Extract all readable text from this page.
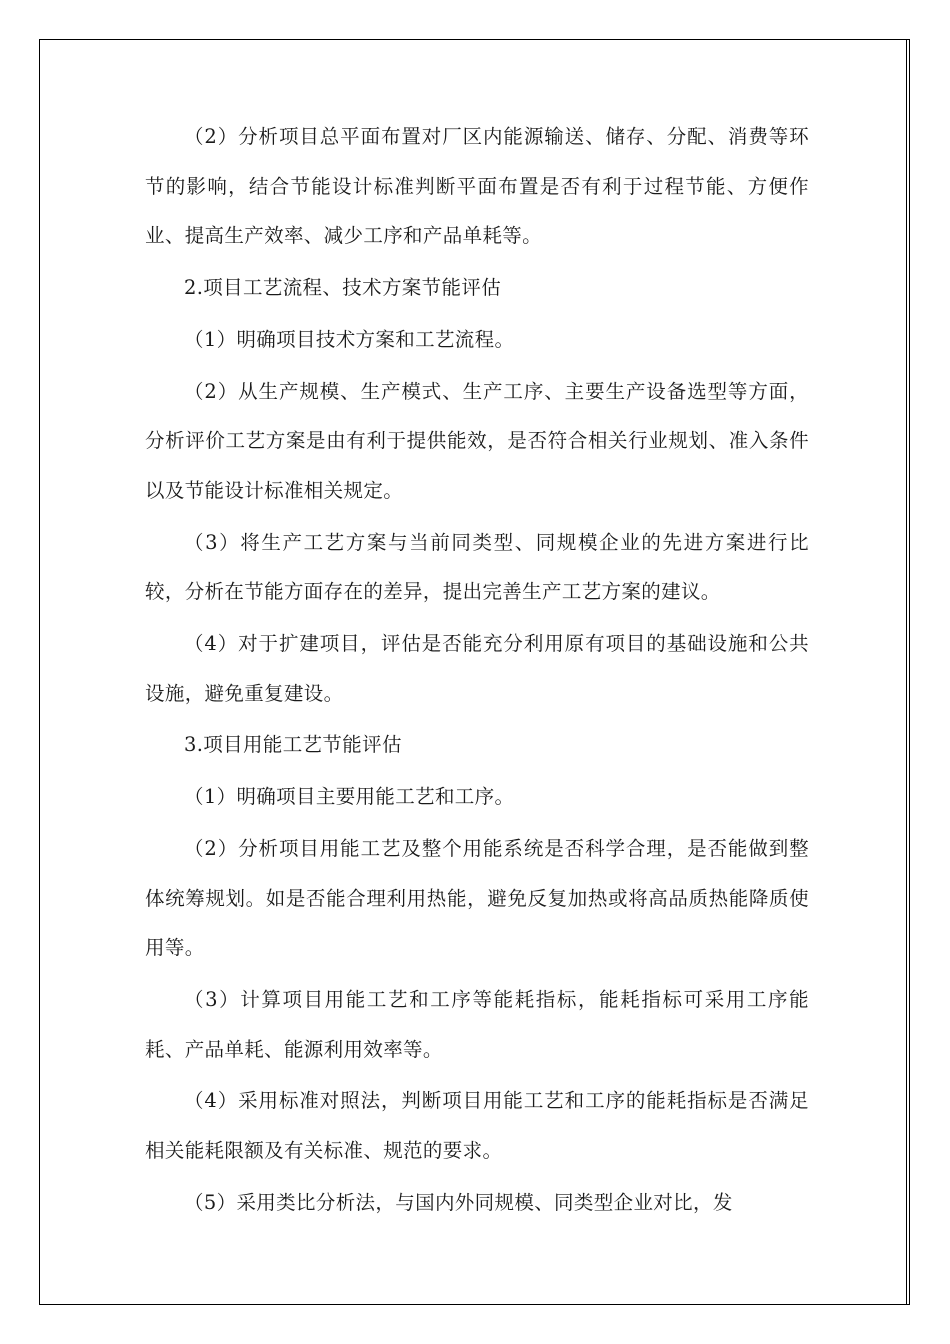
（2）分析项目总平面布置对厂区内能源输送、储存、分配、消费等环节的影响，结合节能设计标准判断平面布置是否有利于过程节能、方便作业、提高生产效率、减少工序和产品单耗等。

2.项目工艺流程、技术方案节能评估

（1）明确项目技术方案和工艺流程。

（2）从生产规模、生产模式、生产工序、主要生产设备选型等方面，分析评价工艺方案是由有利于提供能效，是否符合相关行业规划、准入条件以及节能设计标准相关规定。

（3）将生产工艺方案与当前同类型、同规模企业的先进方案进行比较，分析在节能方面存在的差异，提出完善生产工艺方案的建议。

（4）对于扩建项目，评估是否能充分利用原有项目的基础设施和公共设施，避免重复建设。

3.项目用能工艺节能评估

（1）明确项目主要用能工艺和工序。

（2）分析项目用能工艺及整个用能系统是否科学合理，是否能做到整体统筹规划。如是否能合理利用热能，避免反复加热或将高品质热能降质使用等。

（3）计算项目用能工艺和工序等能耗指标，能耗指标可采用工序能耗、产品单耗、能源利用效率等。

（4）采用标准对照法，判断项目用能工艺和工序的能耗指标是否满足相关能耗限额及有关标准、规范的要求。

（5）采用类比分析法，与国内外同规模、同类型企业对比，发
